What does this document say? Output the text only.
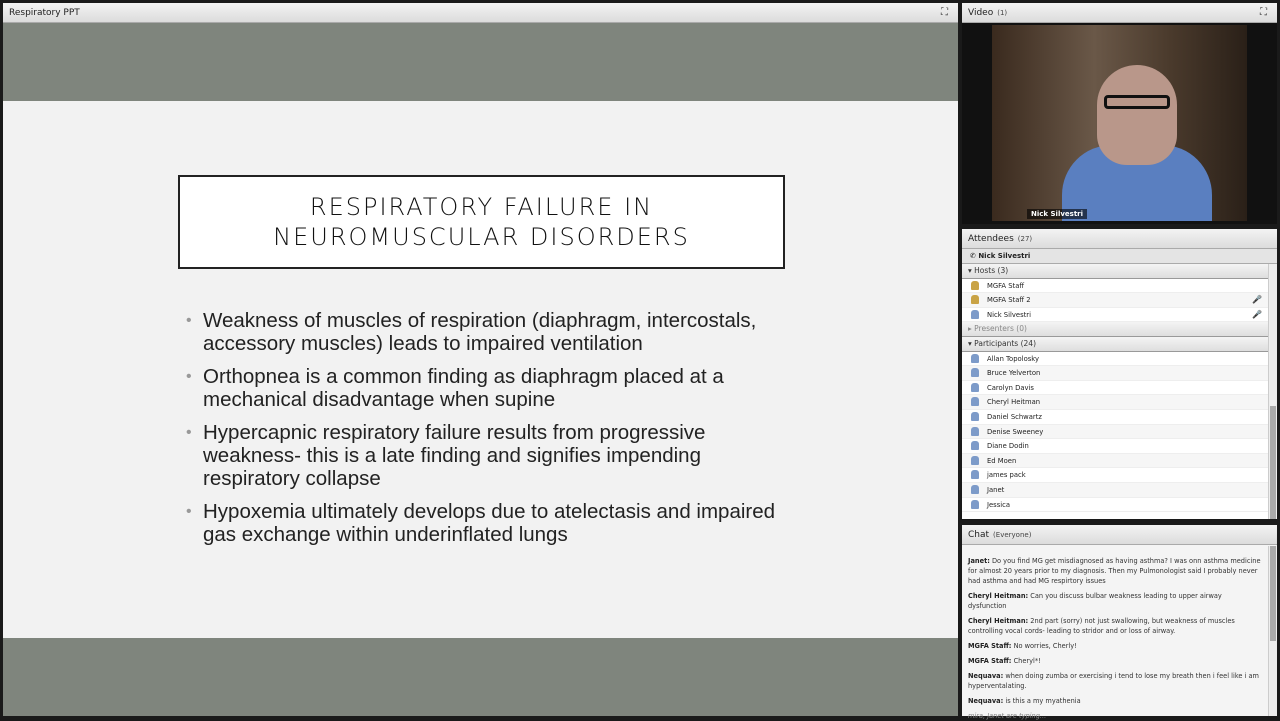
Respiratory PPT	⛶
RESPIRATORY FAILURE IN
NEUROMUSCULAR DISORDERS
• Weakness of muscles of respiration (diaphragm, intercostals, accessory muscles) leads to impaired ventilation
• Orthopnea is a common finding as diaphragm placed at a mechanical disadvantage when supine
• Hypercapnic respiratory failure results from progressive weakness- this is a late finding and signifies impending respiratory collapse
• Hypoxemia ultimately develops due to atelectasis and impaired gas exchange within underinflated lungs
Video (1)	⛶
Nick Silvestri
Attendees (27)
✆ Nick Silvestri
▾ Hosts (3)
MGFA Staff
MGFA Staff 2	🎤
Nick Silvestri	🎤
▸ Presenters (0)
▾ Participants (24)
Allan Topolosky
Bruce Yelverton
Carolyn Davis
Cheryl Heitman
Daniel Schwartz
Denise Sweeney
Diane Dodin
Ed Moen
james pack
Janet
Jessica
Chat (Everyone)

Janet: Do you find MG get misdiagnosed as having asthma? I was onn asthma medicine for almost 20 years prior to my diagnosis. Then my Pulmonologist said I probably never had asthma and had MG respirtory issues

Cheryl Heitman: Can you discuss bulbar weakness leading to upper airway dysfunction

Cheryl Heitman: 2nd part (sorry) not just swallowing, but weakness of muscles controlling vocal cords- leading to stridor and or loss of airway.

MGFA Staff: No worries, Cherly!

MGFA Staff: Cheryl*!

Nequava: when doing zumba or exercising i tend to lose my breath then i feel like i am hyperventalating.

Nequava: is this a my myathenia

mira, Janet are typing...
